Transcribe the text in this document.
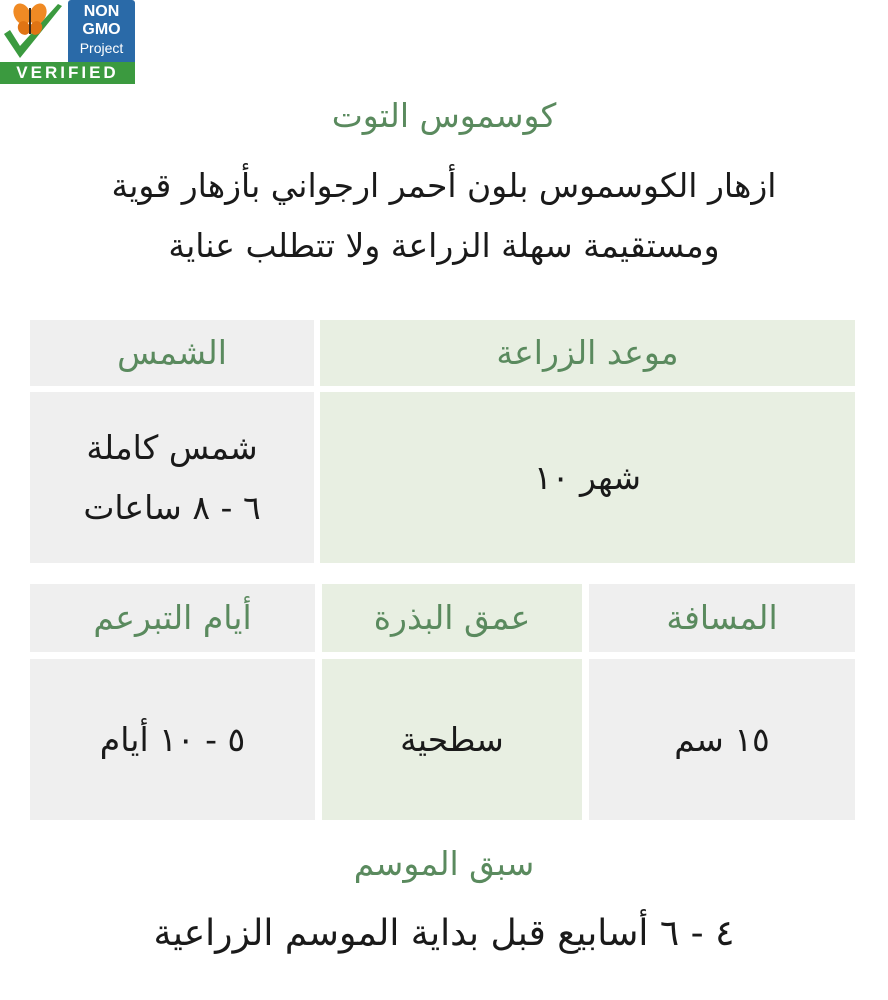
NON
GMO
Project
VERIFIED
كوسموس التوت
ازهار الكوسموس بلون أحمر ارجواني بأزهار قوية ومستقيمة سهلة الزراعة ولا تتطلب عناية
موعد الزراعة
الشمس
شهر ١٠
شمس كاملة
٦ - ٨ ساعات
المسافة
عمق البذرة
أيام التبرعم
١٥ سم
سطحية
٥ - ١٠ أيام
سبق الموسم
٤ - ٦ أسابيع قبل بداية الموسم الزراعية
